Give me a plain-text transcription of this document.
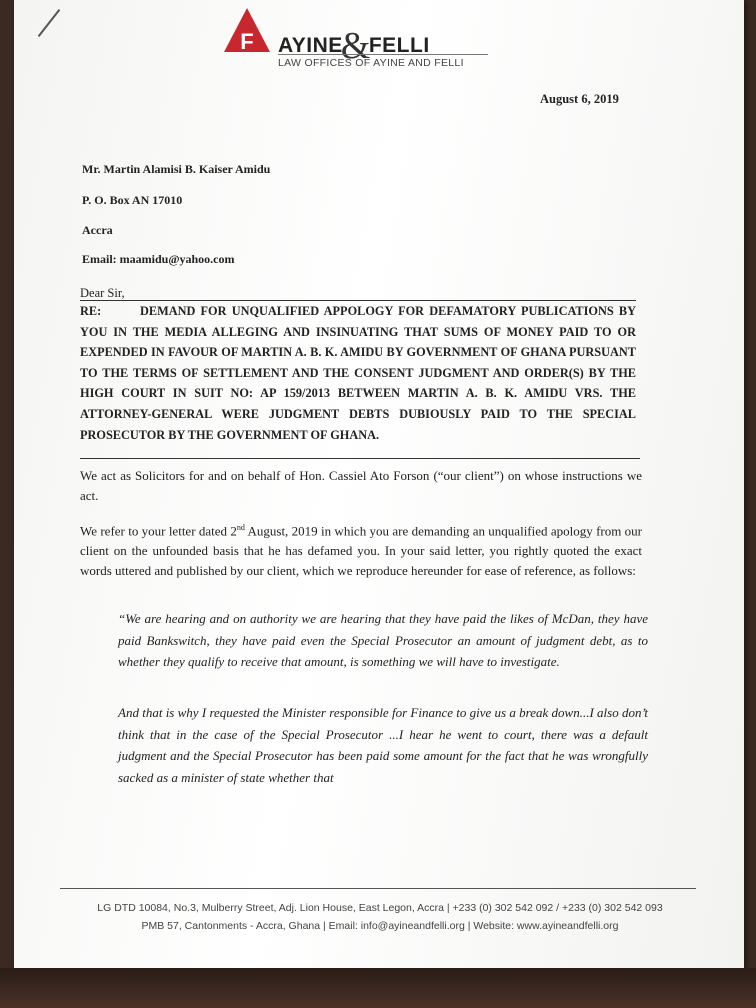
F AYINE&FELLI
LAW OFFICES OF AYINE AND FELLI
August 6, 2019
Mr. Martin Alamisi B. Kaiser Amidu
P. O. Box AN 17010
Accra
Email: maamidu@yahoo.com
Dear Sir,
RE:	DEMAND FOR UNQUALIFIED APPOLOGY FOR DEFAMATORY PUBLICATIONS BY YOU IN THE MEDIA ALLEGING AND INSINUATING THAT SUMS OF MONEY PAID TO OR EXPENDED IN FAVOUR OF MARTIN A. B. K. AMIDU BY GOVERNMENT OF GHANA PURSUANT TO THE TERMS OF SETTLEMENT AND THE CONSENT JUDGMENT AND ORDER(S) BY THE HIGH COURT IN SUIT NO: AP 159/2013 BETWEEN MARTIN A. B. K. AMIDU VRS. THE ATTORNEY-GENERAL WERE JUDGMENT DEBTS DUBIOUSLY PAID TO THE SPECIAL PROSECUTOR BY THE GOVERNMENT OF GHANA.
We act as Solicitors for and on behalf of Hon. Cassiel Ato Forson (“our client”) on whose instructions we act.
We refer to your letter dated 2nd August, 2019 in which you are demanding an unqualified apology from our client on the unfounded basis that he has defamed you. In your said letter, you rightly quoted the exact words uttered and published by our client, which we reproduce hereunder for ease of reference, as follows:
“We are hearing and on authority we are hearing that they have paid the likes of McDan, they have paid Bankswitch, they have paid even the Special Prosecutor an amount of judgment debt, as to whether they qualify to receive that amount, is something we will have to investigate.
And that is why I requested the Minister responsible for Finance to give us a break down...I also don’t think that in the case of the Special Prosecutor ...I hear he went to court, there was a default judgment and the Special Prosecutor has been paid some amount for the fact that he was wrongfully sacked as a minister of state whether that
LG DTD 10084, No.3, Mulberry Street, Adj. Lion House, East Legon, Accra | +233 (0) 302 542 092 / +233 (0) 302 542 093
PMB 57, Cantonments - Accra, Ghana | Email: info@ayineandfelli.org | Website: www.ayineandfelli.org
